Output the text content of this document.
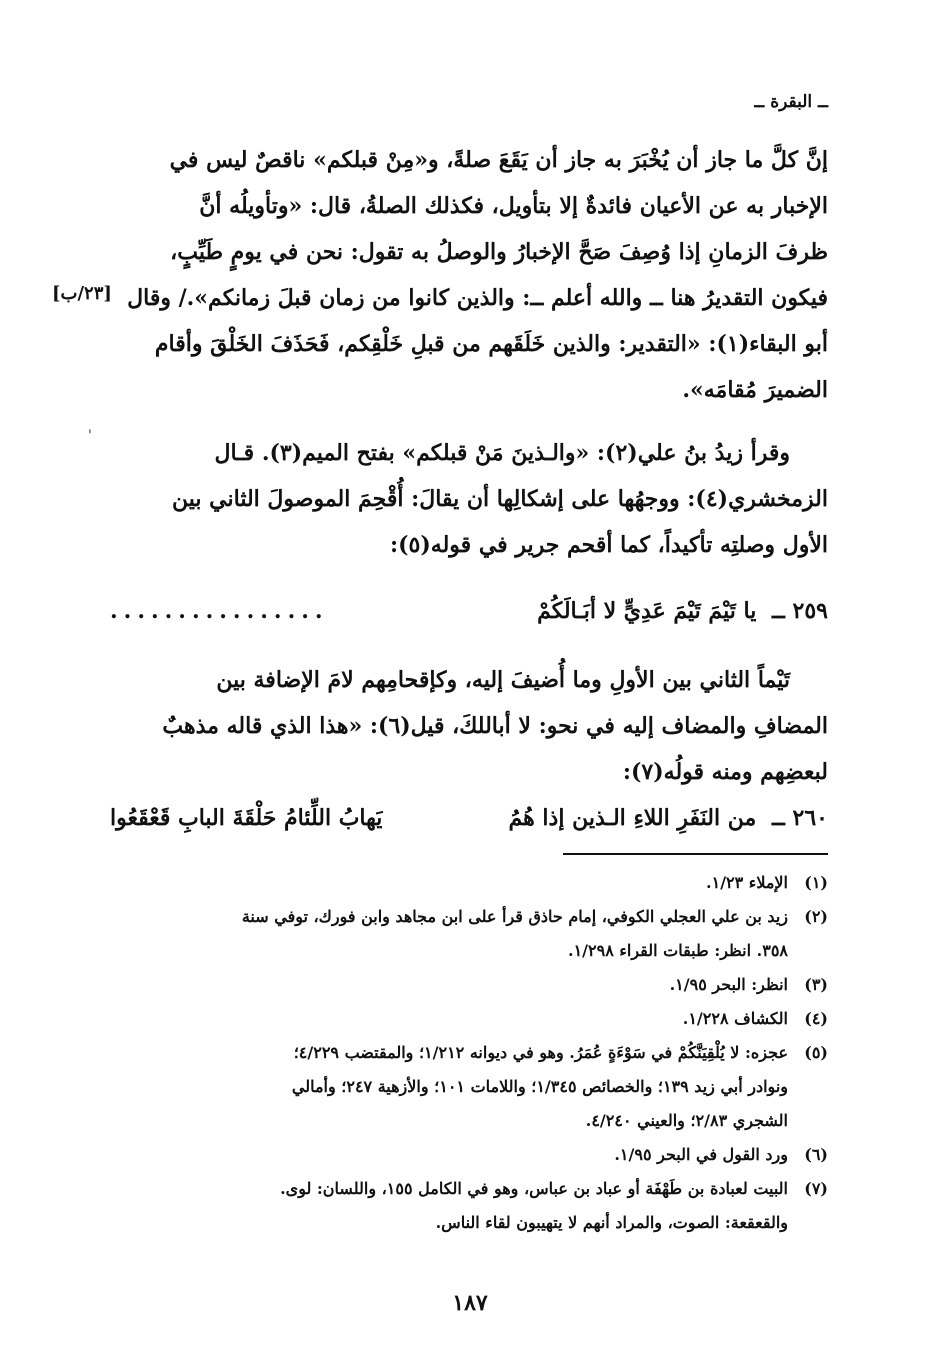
ــ البقرة ــ
[٢٣/ب]
'
إنَّ كلَّ ما جاز أن يُخْبَرَ به جاز أن يَقَعَ صلةً، و«مِنْ قبلكم» ناقصٌ ليس في
الإخبار به عن الأعيان فائدةٌ إلا بتأويل، فكذلك الصلةُ، قال: «وتأويلُه أنَّ
ظرفَ الزمانِ إذا وُصِفَ صَحَّ الإخبارُ والوصلُ به تقول: نحن في يومٍ طَيِّبٍ،
فيكون التقديرُ هنا ــ والله أعلم ــ: والذين كانوا من زمان قبلَ زمانكم»./ وقال
أبو البقاء(١): «التقدير: والذين خَلَقَهم من قبلِ خَلْقِكم، فَحَذَفَ الخَلْقَ وأقام
الضميرَ مُقامَه».
وقرأ زيدُ بنُ علي(٢): «والـذينَ مَنْ قبلكم» بفتح الميم(٣). قـال
الزمخشري(٤): ووجهُها على إشكالِها أن يقالَ: أُقْحِمَ الموصولَ الثاني بين
الأول وصلتِه تأكيداً، كما أقحم جرير في قوله(٥):
٢٥٩ ــ يا تَيْمَ تَيْمَ عَدِيٍّ لا أبَـالَكُمْ
................
تَيْماً الثاني بين الأولِ وما أُضيفَ إليه، وكإقحامِهم لامَ الإضافة بين
المضافِ والمضاف إليه في نحو: لا أباللكَ، قيل(٦): «هذا الذي قاله مذهبٌ
لبعضِهم ومنه قولُه(٧):
٢٦٠ ــ من النَفَرِ اللاءِ الـذين إذا هُمُ
يَهابُ اللِّئامُ حَلْقَةَ البابِ قَعْقَعُوا
(١)
الإملاء ١/٢٣.
(٢)
زيد بن علي العجلي الكوفي، إمام حاذق قرأ على ابن مجاهد وابن فورك، توفي سنة
٣٥٨. انظر: طبقات القراء ١/٢٩٨.
(٣)
انظر: البحر ١/٩٥.
(٤)
الكشاف ١/٢٢٨.
(٥)
عجزه: لا يُلْقِيَنَّكُمْ في سَوْءَةٍ عُمَرُ. وهو في ديوانه ١/٢١٢؛ والمقتضب ٤/٢٢٩؛
ونوادر أبي زيد ١٣٩؛ والخصائص ١/٣٤٥؛ واللامات ١٠١؛ والأزهية ٢٤٧؛ وأمالي
الشجري ٢/٨٣؛ والعيني ٤/٢٤٠.
(٦)
ورد القول في البحر ١/٩٥.
(٧)
البيت لعبادة بن طَهْفَة أو عباد بن عباس، وهو في الكامل ١٥٥، واللسان: لوى.
والقعقعة: الصوت، والمراد أنهم لا يتهيبون لقاء الناس.
١٨٧
